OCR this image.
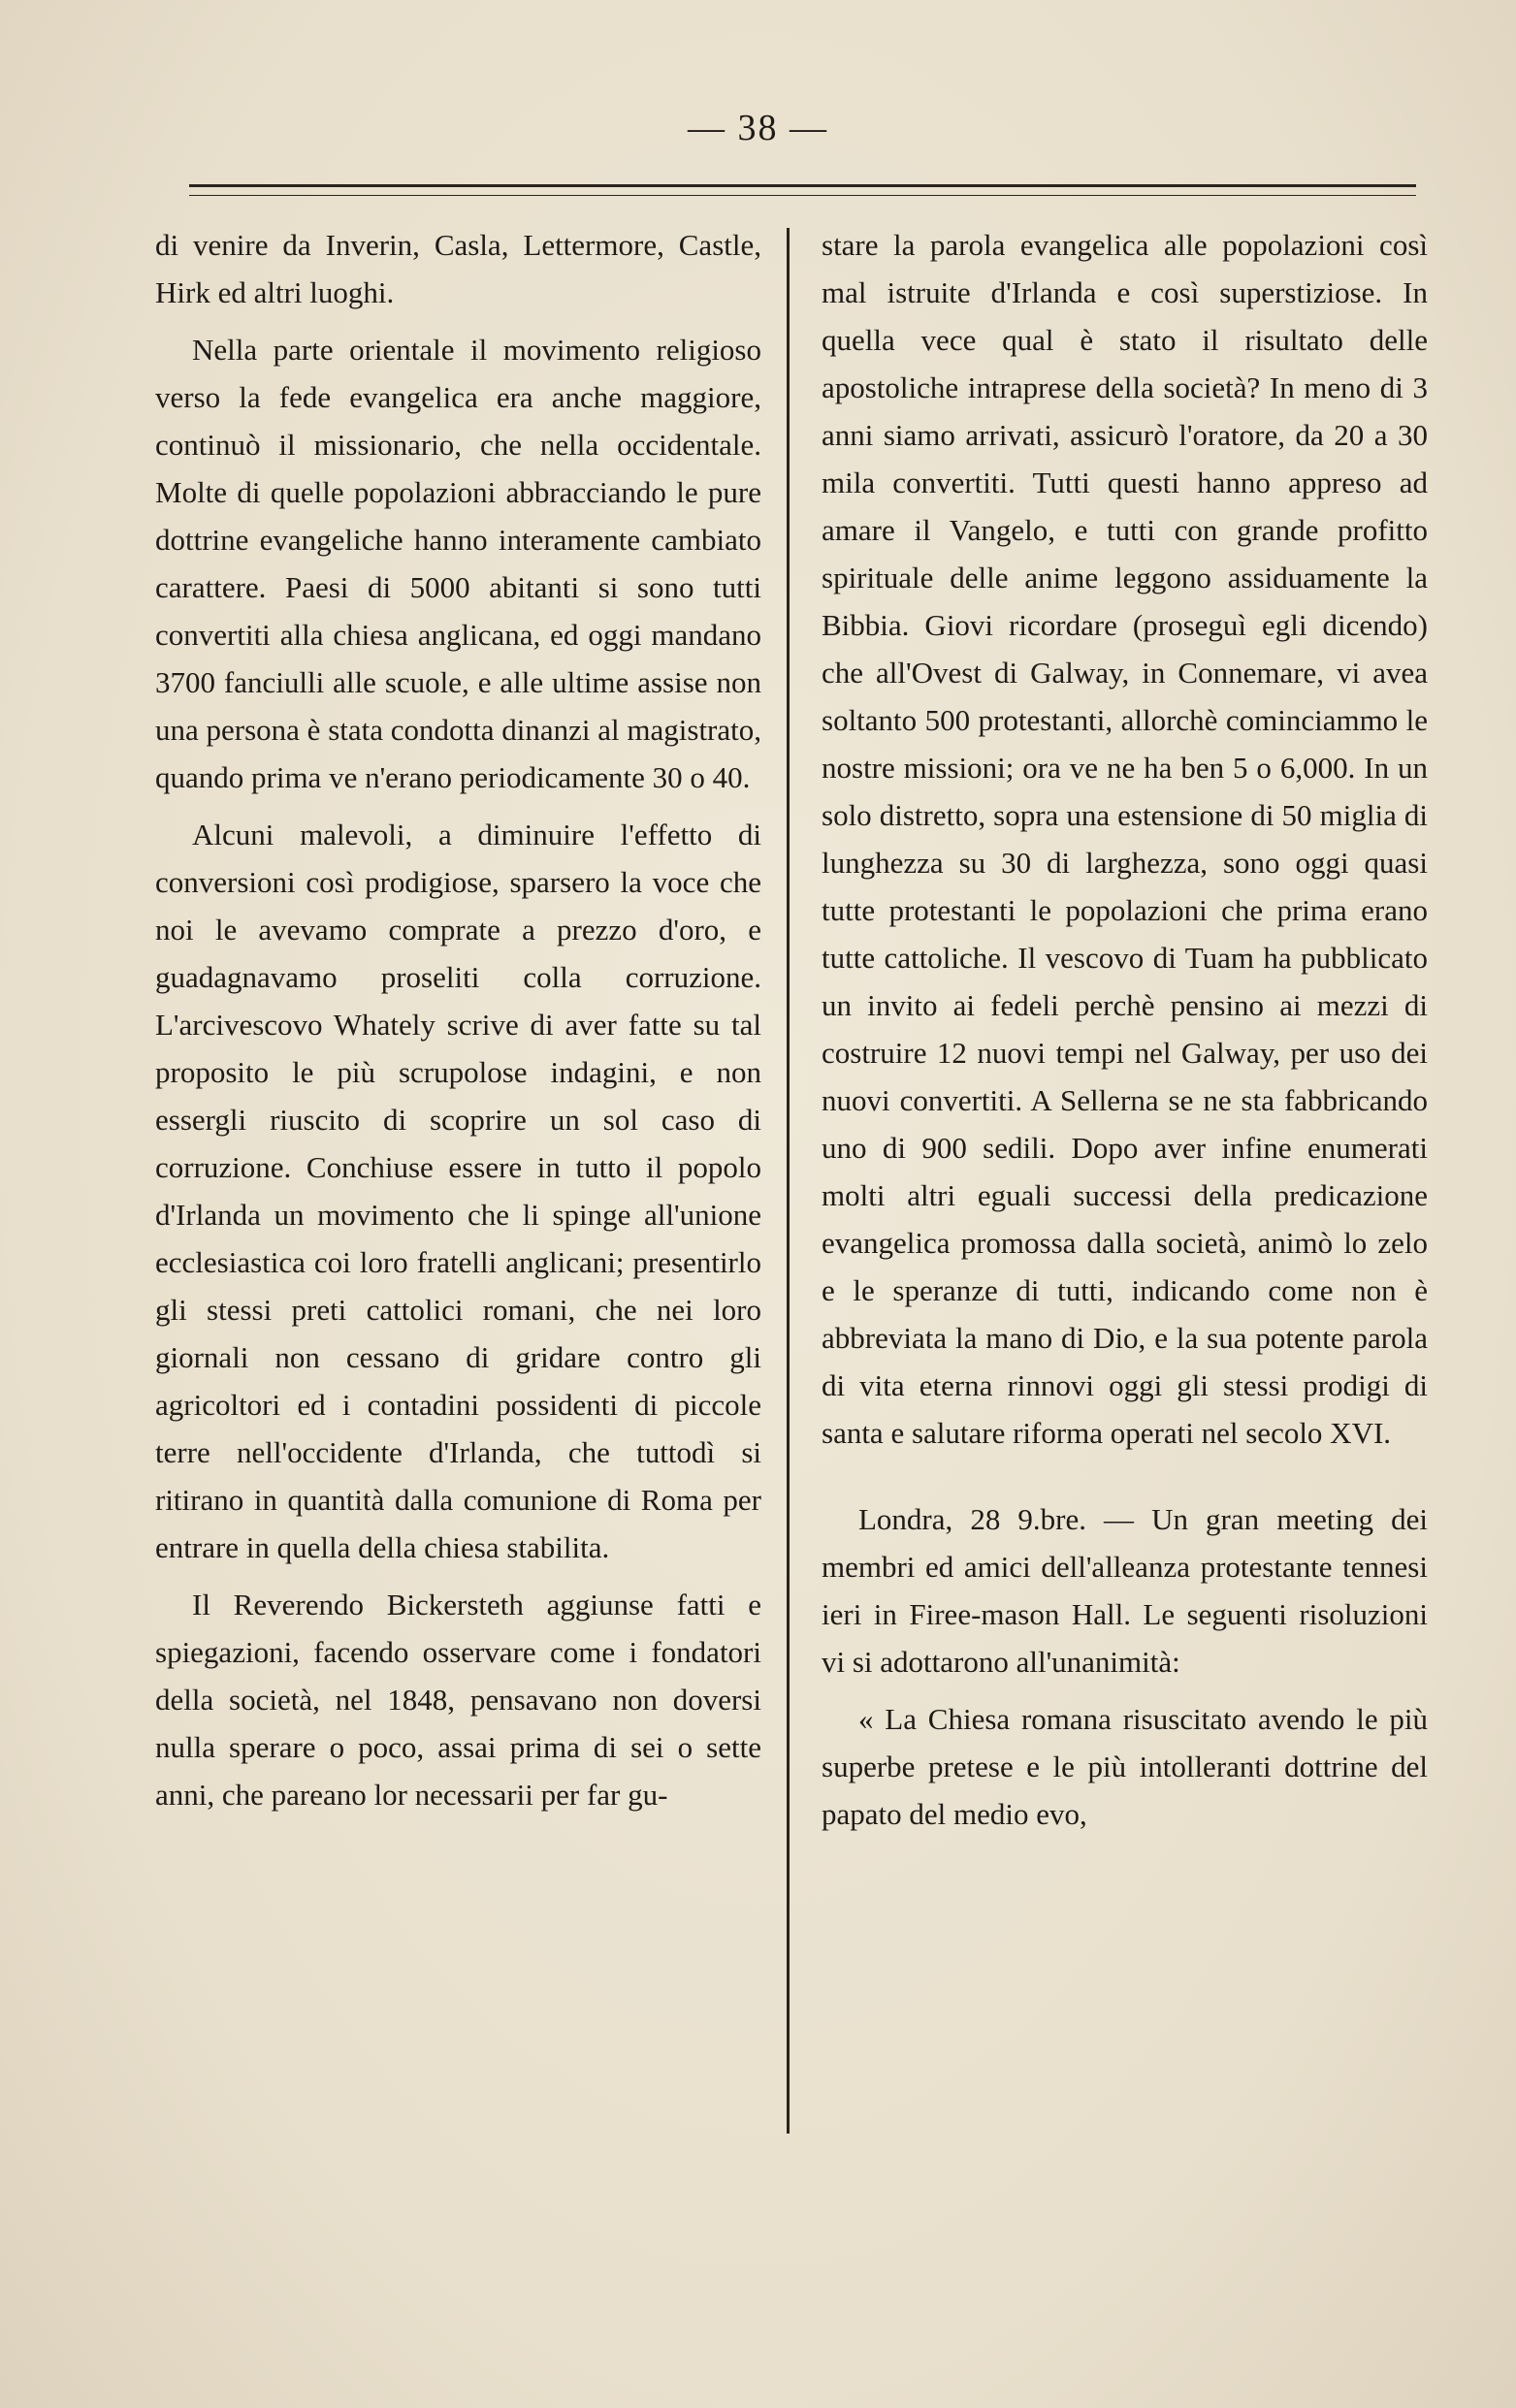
— 38 —

di venire da Inverin, Casla, Lettermore, Castle, Hirk ed altri luoghi.

Nella parte orientale il movimento religioso verso la fede evangelica era anche maggiore, continuò il missionario, che nella occidentale. Molte di quelle popolazioni abbracciando le pure dottrine evangeliche hanno interamente cambiato carattere. Paesi di 5000 abitanti si sono tutti convertiti alla chiesa anglicana, ed oggi mandano 3700 fanciulli alle scuole, e alle ultime assise non una persona è stata condotta dinanzi al magistrato, quando prima ve n'erano periodicamente 30 o 40.

Alcuni malevoli, a diminuire l'effetto di conversioni così prodigiose, sparsero la voce che noi le avevamo comprate a prezzo d'oro, e guadagnavamo proseliti colla corruzione. L'arcivescovo Whately scrive di aver fatte su tal proposito le più scrupolose indagini, e non essergli riuscito di scoprire un sol caso di corruzione. Conchiuse essere in tutto il popolo d'Irlanda un movimento che li spinge all'unione ecclesiastica coi loro fratelli anglicani; presentirlo gli stessi preti cattolici romani, che nei loro giornali non cessano di gridare contro gli agricoltori ed i contadini possidenti di piccole terre nell'occidente d'Irlanda, che tuttodì si ritirano in quantità dalla comunione di Roma per entrare in quella della chiesa stabilita.

Il Reverendo Bickersteth aggiunse fatti e spiegazioni, facendo osservare come i fondatori della società, nel 1848, pensavano non doversi nulla sperare o poco, assai prima di sei o sette anni, che pareano lor necessarii per far gu-

stare la parola evangelica alle popolazioni così mal istruite d'Irlanda e così superstiziose. In quella vece qual è stato il risultato delle apostoliche intraprese della società? In meno di 3 anni siamo arrivati, assicurò l'oratore, da 20 a 30 mila convertiti. Tutti questi hanno appreso ad amare il Vangelo, e tutti con grande profitto spirituale delle anime leggono assiduamente la Bibbia. Giovi ricordare (proseguì egli dicendo) che all'Ovest di Galway, in Connemare, vi avea soltanto 500 protestanti, allorchè cominciammo le nostre missioni; ora ve ne ha ben 5 o 6,000. In un solo distretto, sopra una estensione di 50 miglia di lunghezza su 30 di larghezza, sono oggi quasi tutte protestanti le popolazioni che prima erano tutte cattoliche. Il vescovo di Tuam ha pubblicato un invito ai fedeli perchè pensino ai mezzi di costruire 12 nuovi tempi nel Galway, per uso dei nuovi convertiti. A Sellerna se ne sta fabbricando uno di 900 sedili. Dopo aver infine enumerati molti altri eguali successi della predicazione evangelica promossa dalla società, animò lo zelo e le speranze di tutti, indicando come non è abbreviata la mano di Dio, e la sua potente parola di vita eterna rinnovi oggi gli stessi prodigi di santa e salutare riforma operati nel secolo XVI.

Londra, 28 9.bre. — Un gran meeting dei membri ed amici dell'alleanza protestante tennesi ieri in Firee-mason Hall. Le seguenti risoluzioni vi si adottarono all'unanimità:

« La Chiesa romana risuscitato avendo le più superbe pretese e le più intolleranti dottrine del papato del medio evo,
